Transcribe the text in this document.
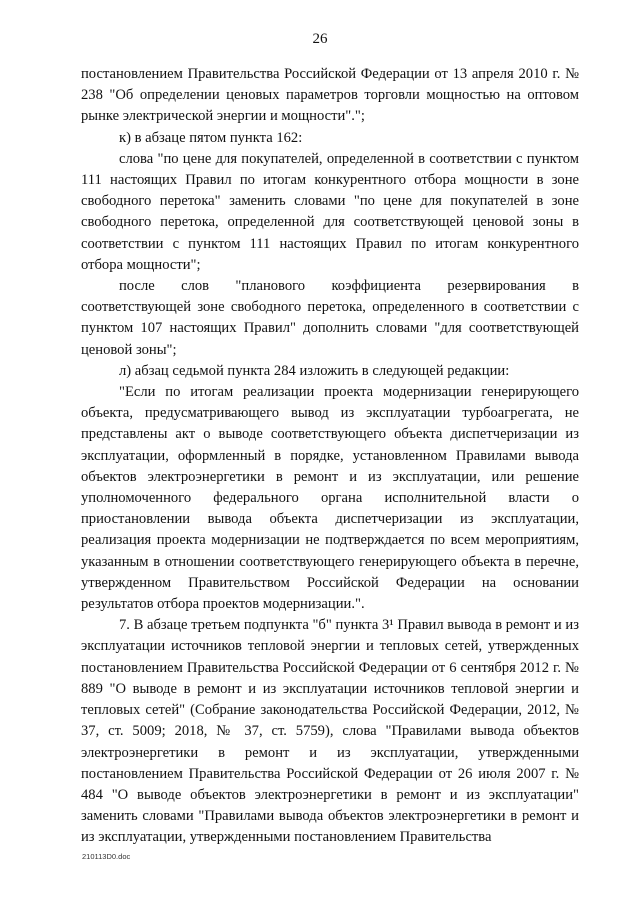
26

постановлением Правительства Российской Федерации от 13 апреля 2010 г. № 238 "Об определении ценовых параметров торговли мощностью на оптовом рынке электрической энергии и мощности".";

к) в абзаце пятом пункта 162:

слова "по цене для покупателей, определенной в соответствии с пунктом 111 настоящих Правил по итогам конкурентного отбора мощности в зоне свободного перетока" заменить словами "по цене для покупателей в зоне свободного перетока, определенной для соответствующей ценовой зоны в соответствии с пунктом 111 настоящих Правил по итогам конкурентного отбора мощности";

после слов "планового коэффициента резервирования в соответствующей зоне свободного перетока, определенного в соответствии с пунктом 107 настоящих Правил" дополнить словами "для соответствующей ценовой зоны";

л) абзац седьмой пункта 284 изложить в следующей редакции:

"Если по итогам реализации проекта модернизации генерирующего объекта, предусматривающего вывод из эксплуатации турбоагрегата, не представлены акт о выводе соответствующего объекта диспетчеризации из эксплуатации, оформленный в порядке, установленном Правилами вывода объектов электроэнергетики в ремонт и из эксплуатации, или решение уполномоченного федерального органа исполнительной власти о приостановлении вывода объекта диспетчеризации из эксплуатации, реализация проекта модернизации не подтверждается по всем мероприятиям, указанным в отношении соответствующего генерирующего объекта в перечне, утвержденном Правительством Российской Федерации на основании результатов отбора проектов модернизации.".

7. В абзаце третьем подпункта "б" пункта 3¹ Правил вывода в ремонт и из эксплуатации источников тепловой энергии и тепловых сетей, утвержденных постановлением Правительства Российской Федерации от 6 сентября 2012 г. № 889 "О выводе в ремонт и из эксплуатации источников тепловой энергии и тепловых сетей" (Собрание законодательства Российской Федерации, 2012, № 37, ст. 5009; 2018, № 37, ст. 5759), слова "Правилами вывода объектов электроэнергетики в ремонт и из эксплуатации, утвержденными постановлением Правительства Российской Федерации от 26 июля 2007 г. № 484 "О выводе объектов электроэнергетики в ремонт и из эксплуатации" заменить словами "Правилами вывода объектов электроэнергетики в ремонт и из эксплуатации, утвержденными постановлением Правительства

210113D0.doc
